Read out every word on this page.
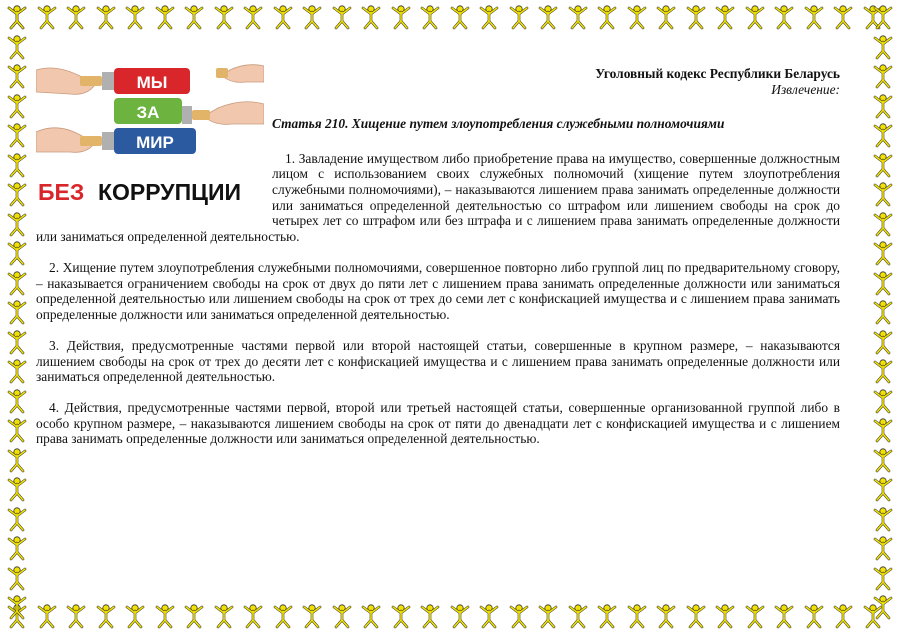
МЫ
ЗА
МИР
БЕЗ КОРРУПЦИИ
Уголовный кодекс Республики Беларусь
Извлечение:
Статья 210. Хищение путем злоупотребления служебными полномочиями

1. Завладение имуществом либо приобретение права на имущество, совершенные должностным лицом с использованием своих служебных полномочий (хищение путем злоупотребления служебными полномочиями), – наказываются лишением права занимать определенные должности или заниматься определенной деятельностью со штрафом или лишением свободы на срок до четырех лет со штрафом или без штрафа и с лишением права занимать определенные должности или заниматься определенной деятельностью.

2. Хищение путем злоупотребления служебными полномочиями, совершенное повторно либо группой лиц по предварительному сговору, – наказывается ограничением свободы на срок от двух до пяти лет с лишением права занимать определенные должности или заниматься определенной деятельностью или лишением свободы на срок от трех до семи лет с конфискацией имущества и с лишением права занимать определенные должности или заниматься определенной деятельностью.

3. Действия, предусмотренные частями первой или второй настоящей статьи, совершенные в крупном размере, – наказываются лишением свободы на срок от трех до десяти лет с конфискацией имущества и с лишением права занимать определенные должности или заниматься определенной деятельностью.

4. Действия, предусмотренные частями первой, второй или третьей настоящей статьи, совершенные организованной группой либо в особо крупном размере, – наказываются лишением свободы на срок от пяти до двенадцати лет с конфискацией имущества и с лишением права занимать определенные должности или заниматься определенной деятельностью.
